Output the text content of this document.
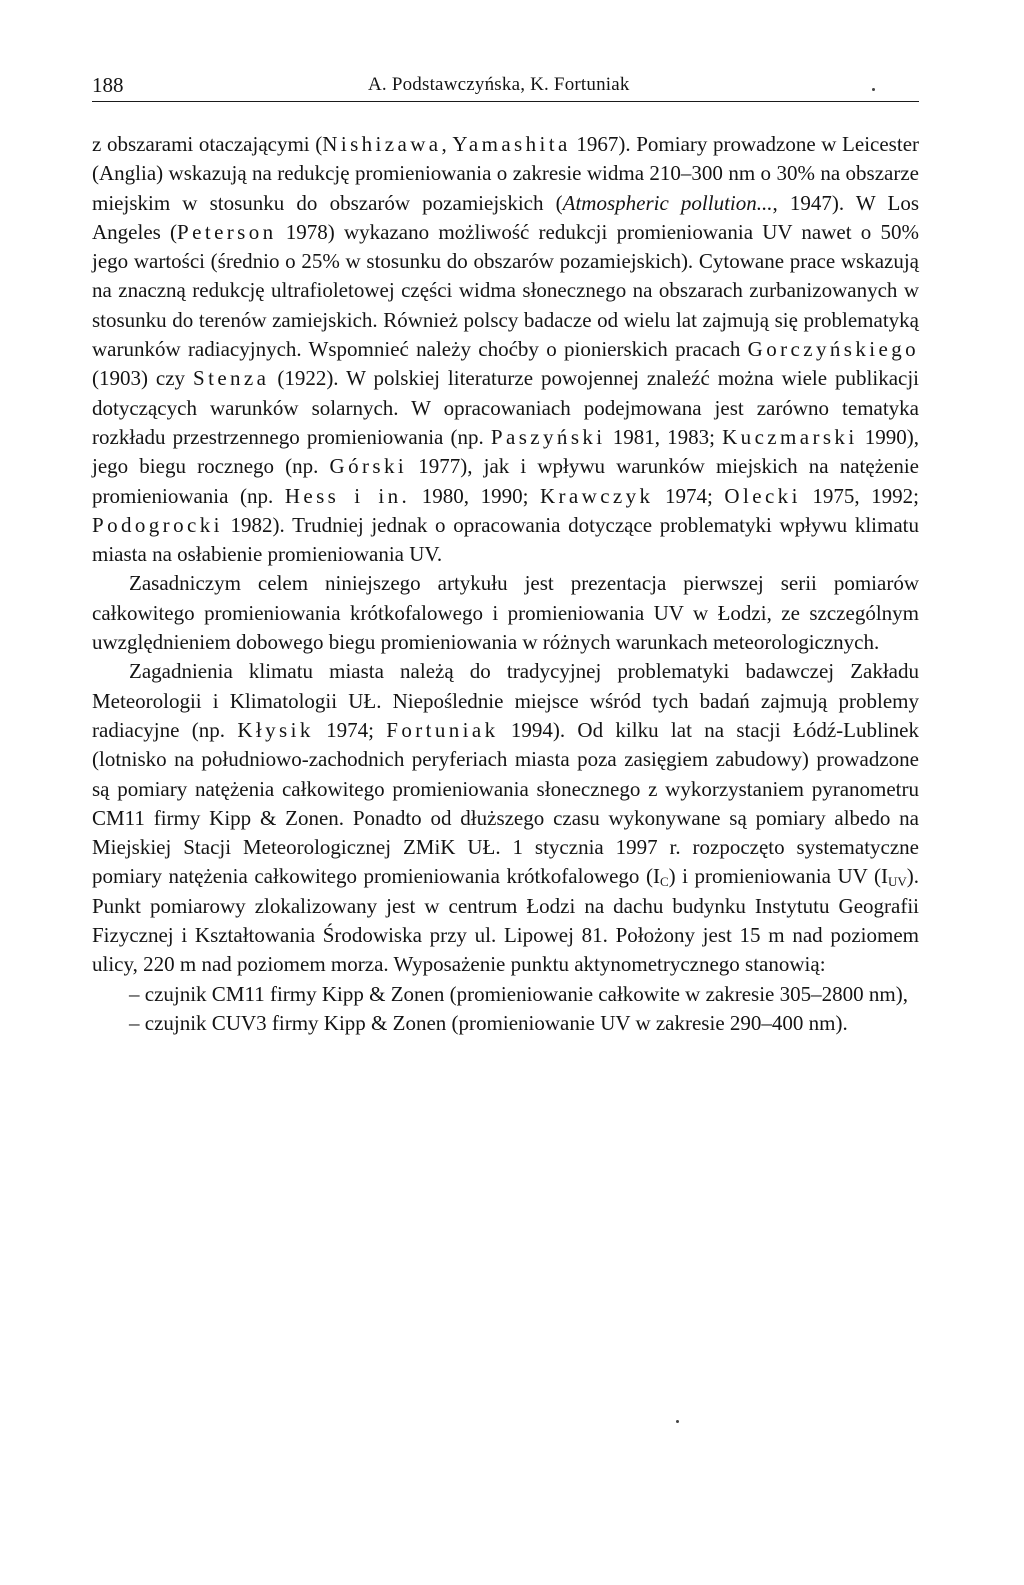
188	A. Podstawczyńska, K. Fortuniak

z obszarami otaczającymi (Nishizawa, Yamashita 1967). Pomiary prowadzone w Leicester (Anglia) wskazują na redukcję promieniowania o zakresie widma 210–300 nm o 30% na obszarze miejskim w stosunku do obszarów pozamiejskich (Atmospheric pollution..., 1947). W Los Angeles (Peterson 1978) wykazano możliwość redukcji promieniowania UV nawet o 50% jego wartości (średnio o 25% w stosunku do obszarów pozamiejskich). Cytowane prace wskazują na znaczną redukcję ultrafioletowej części widma słonecznego na obszarach zurbanizowanych w stosunku do terenów zamiejskich. Również polscy badacze od wielu lat zajmują się problematyką warunków radiacyjnych. Wspomnieć należy choćby o pionierskich pracach Gorczyńskiego (1903) czy Stenza (1922). W polskiej literaturze powojennej znaleźć można wiele publikacji dotyczących warunków solarnych. W opracowaniach podejmowana jest zarówno tematyka rozkładu przestrzennego promieniowania (np. Paszyński 1981, 1983; Kuczmarski 1990), jego biegu rocznego (np. Górski 1977), jak i wpływu warunków miejskich na natężenie promieniowania (np. Hess i in. 1980, 1990; Krawczyk 1974; Olecki 1975, 1992; Podogrocki 1982). Trudniej jednak o opracowania dotyczące problematyki wpływu klimatu miasta na osłabienie promieniowania UV.

Zasadniczym celem niniejszego artykułu jest prezentacja pierwszej serii pomiarów całkowitego promieniowania krótkofalowego i promieniowania UV w Łodzi, ze szczególnym uwzględnieniem dobowego biegu promieniowania w różnych warunkach meteorologicznych.

Zagadnienia klimatu miasta należą do tradycyjnej problematyki badawczej Zakładu Meteorologii i Klimatologii UŁ. Niepoślednie miejsce wśród tych badań zajmują problemy radiacyjne (np. Kłysik 1974; Fortuniak 1994). Od kilku lat na stacji Łódź-Lublinek (lotnisko na południowo-zachodnich peryferiach miasta poza zasięgiem zabudowy) prowadzone są pomiary natężenia całkowitego promieniowania słonecznego z wykorzystaniem pyranometru CM11 firmy Kipp & Zonen. Ponadto od dłuższego czasu wykonywane są pomiary albedo na Miejskiej Stacji Meteorologicznej ZMiK UŁ. 1 stycznia 1997 r. rozpoczęto systematyczne pomiary natężenia całkowitego promieniowania krótkofalowego $(I_C)$ i promieniowania UV $(I_{UV})$. Punkt pomiarowy zlokalizowany jest w centrum Łodzi na dachu budynku Instytutu Geografii Fizycznej i Kształtowania Środowiska przy ul. Lipowej 81. Położony jest 15 m nad poziomem ulicy, 220 m nad poziomem morza. Wyposażenie punktu aktynometrycznego stanowią:

– czujnik CM11 firmy Kipp & Zonen (promieniowanie całkowite w zakresie 305–2800 nm),

– czujnik CUV3 firmy Kipp & Zonen (promieniowanie UV w zakresie 290–400 nm).
